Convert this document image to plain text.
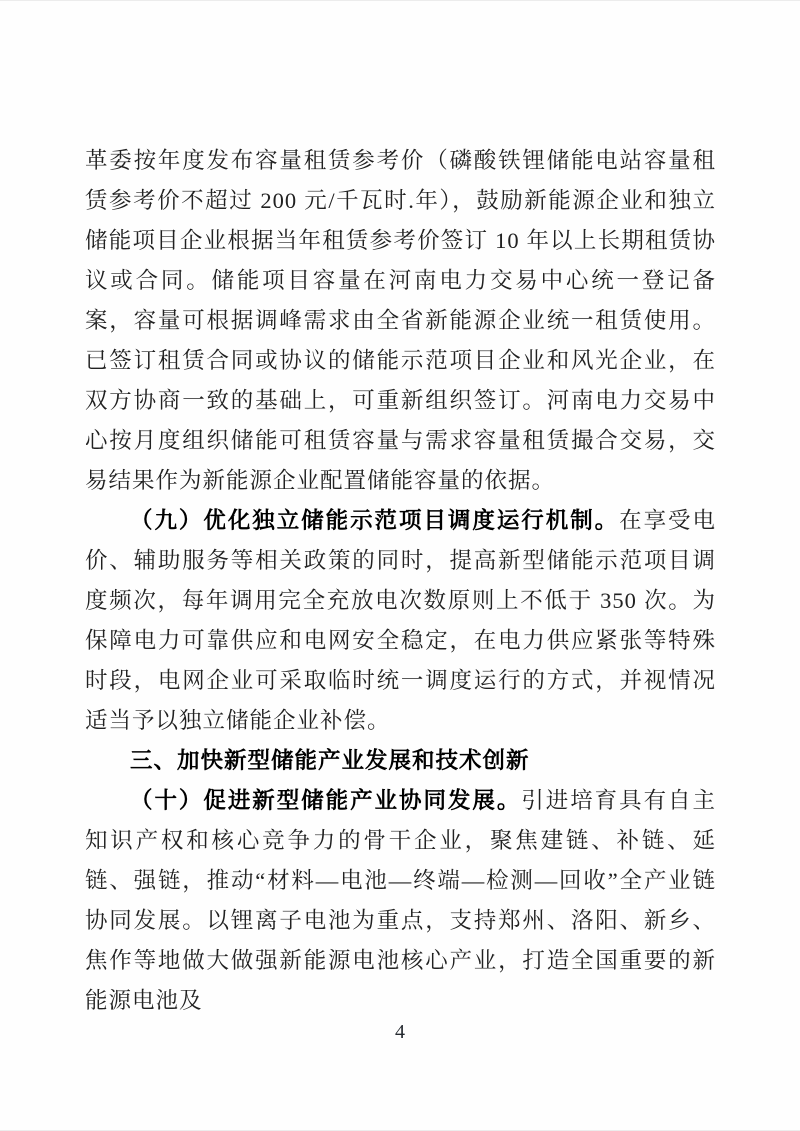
革委按年度发布容量租赁参考价（磷酸铁锂储能电站容量租赁参考价不超过 200 元/千瓦时.年），鼓励新能源企业和独立储能项目企业根据当年租赁参考价签订 10 年以上长期租赁协议或合同。储能项目容量在河南电力交易中心统一登记备案，容量可根据调峰需求由全省新能源企业统一租赁使用。已签订租赁合同或协议的储能示范项目企业和风光企业，在双方协商一致的基础上，可重新组织签订。河南电力交易中心按月度组织储能可租赁容量与需求容量租赁撮合交易，交易结果作为新能源企业配置储能容量的依据。

（九）优化独立储能示范项目调度运行机制。在享受电价、辅助服务等相关政策的同时，提高新型储能示范项目调度频次，每年调用完全充放电次数原则上不低于 350 次。为保障电力可靠供应和电网安全稳定，在电力供应紧张等特殊时段，电网企业可采取临时统一调度运行的方式，并视情况适当予以独立储能企业补偿。

三、加快新型储能产业发展和技术创新

（十）促进新型储能产业协同发展。引进培育具有自主知识产权和核心竞争力的骨干企业，聚焦建链、补链、延链、强链，推动“材料—电池—终端—检测—回收”全产业链协同发展。以锂离子电池为重点，支持郑州、洛阳、新乡、焦作等地做大做强新能源电池核心产业，打造全国重要的新能源电池及

4
